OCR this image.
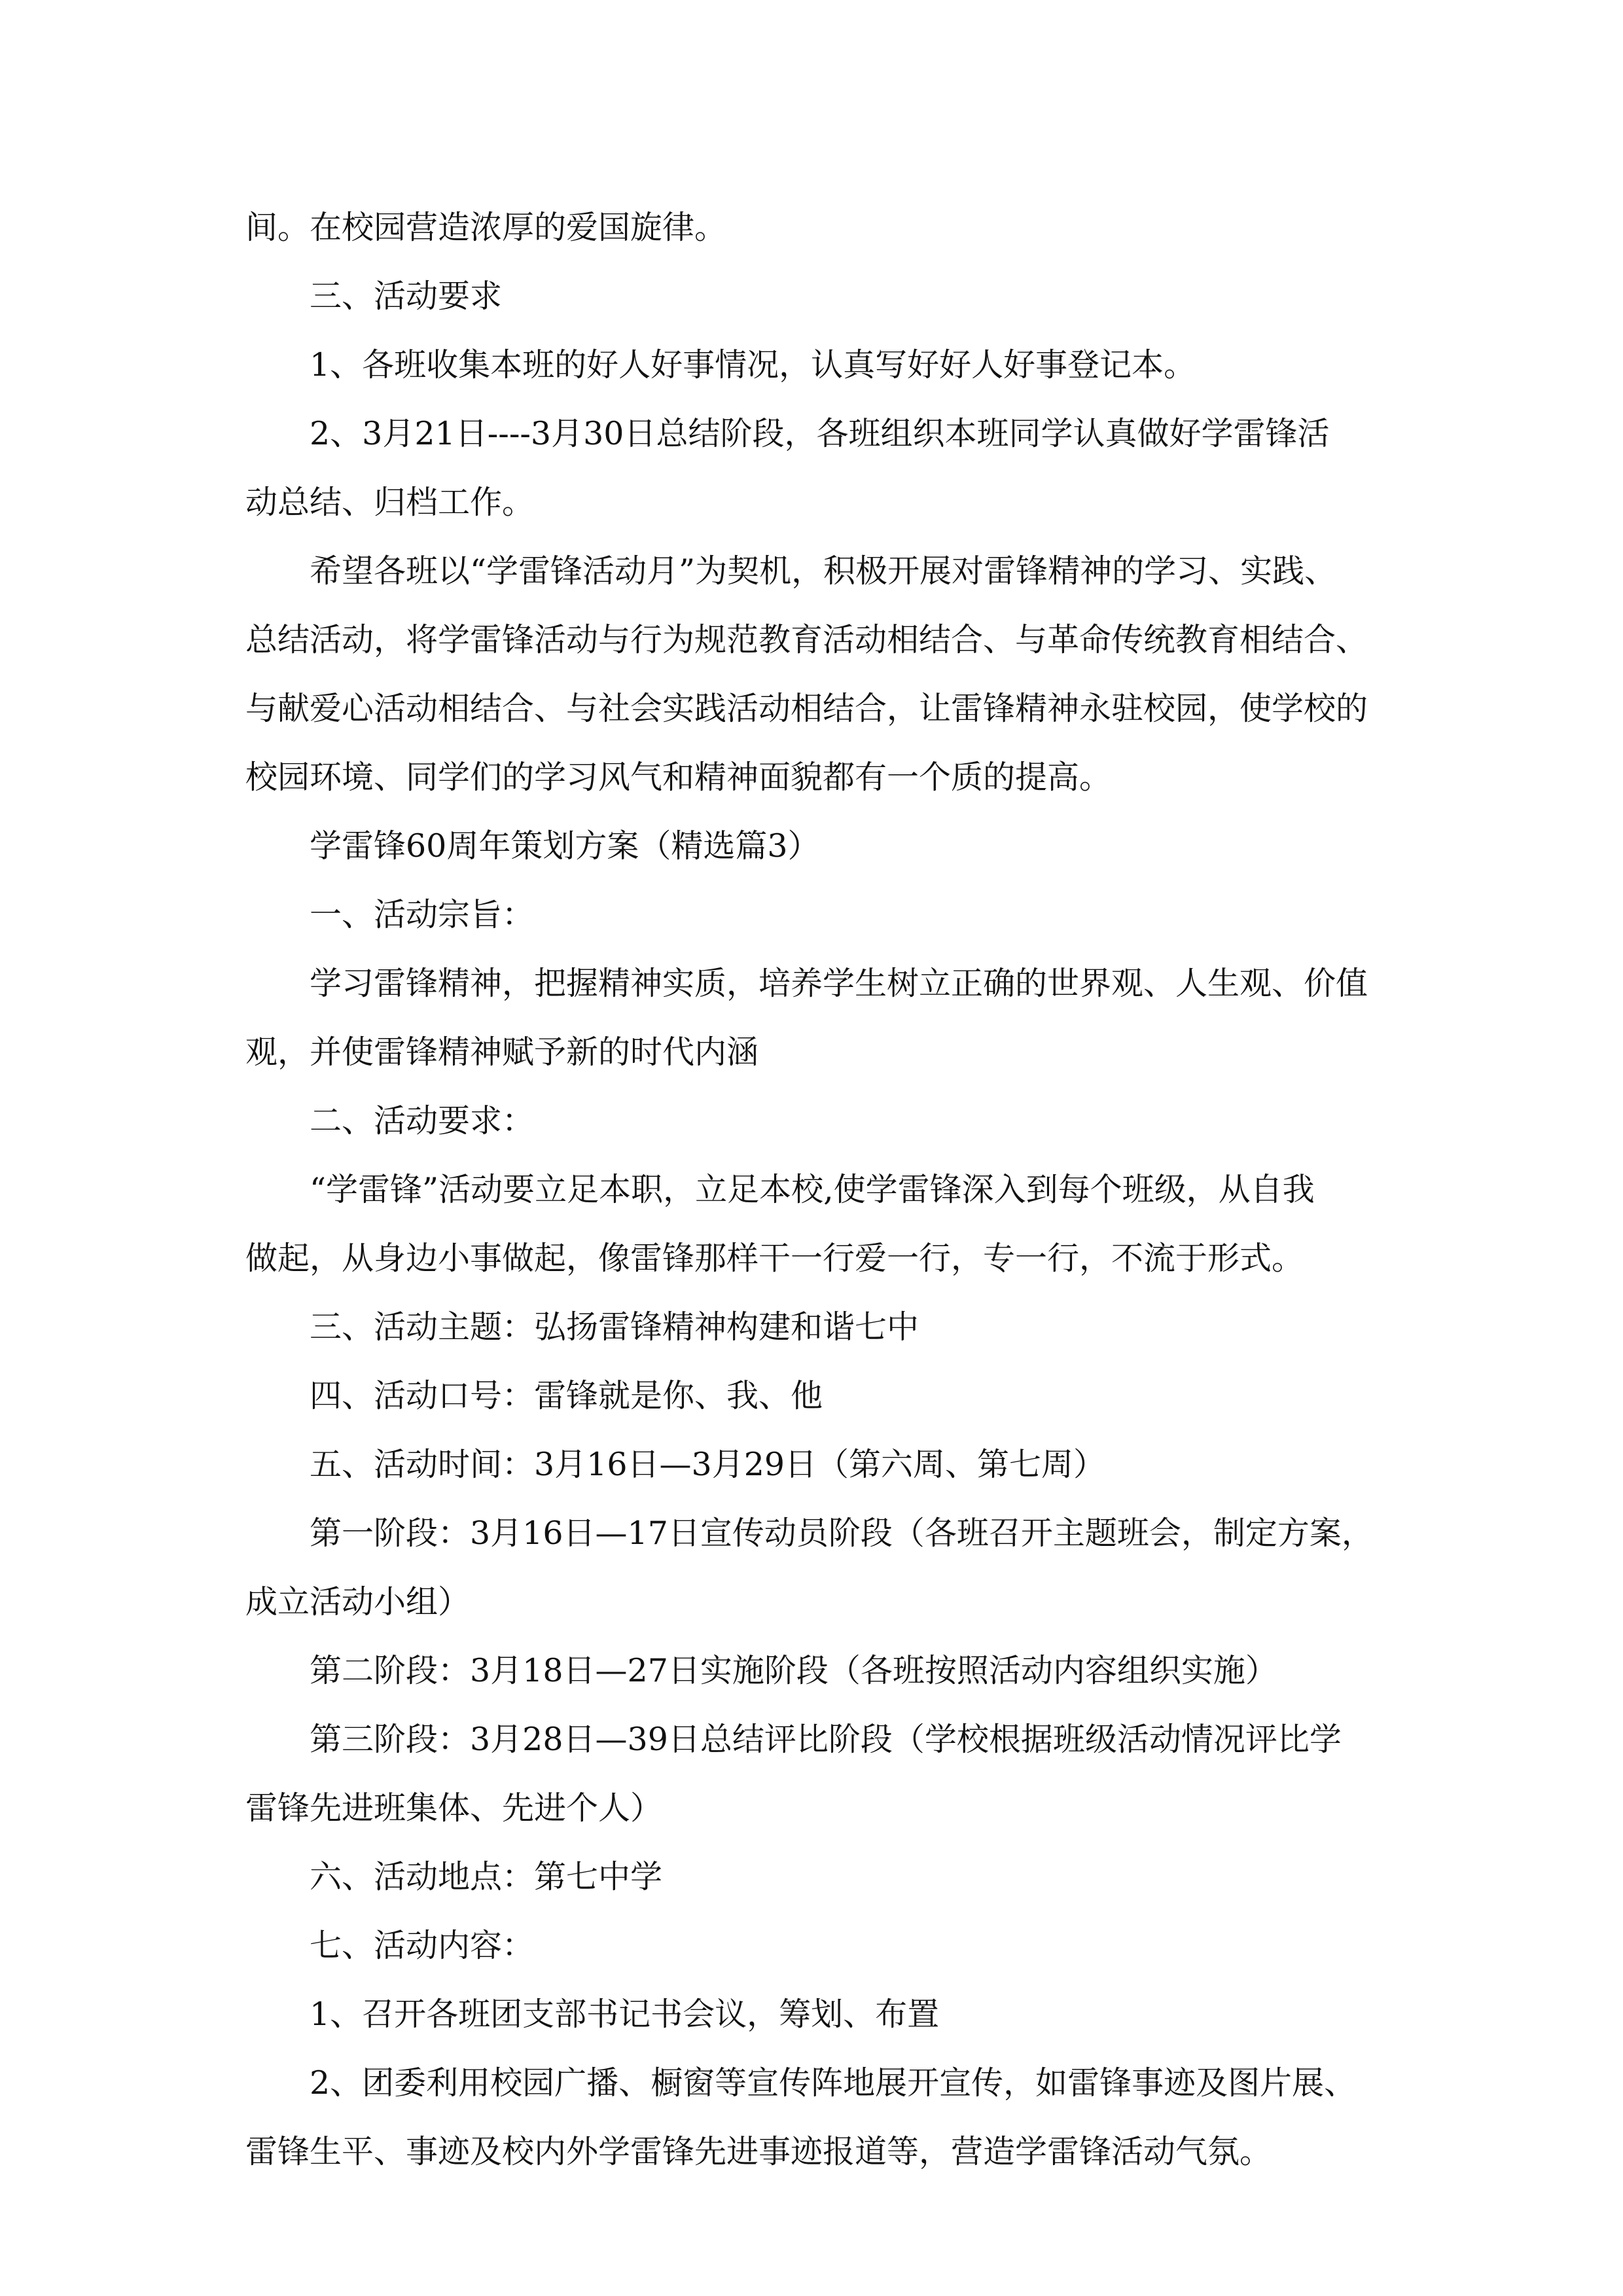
间。在校园营造浓厚的爱国旋律。
三、活动要求
1、各班收集本班的好人好事情况，认真写好好人好事登记本。
2、3月21日----3月30日总结阶段，各班组织本班同学认真做好学雷锋活
动总结、归档工作。
希望各班以“学雷锋活动月”为契机，积极开展对雷锋精神的学习、实践、
总结活动，将学雷锋活动与行为规范教育活动相结合、与革命传统教育相结合、
与献爱心活动相结合、与社会实践活动相结合，让雷锋精神永驻校园，使学校的
校园环境、同学们的学习风气和精神面貌都有一个质的提高。
学雷锋60周年策划方案（精选篇3）
一、活动宗旨：
学习雷锋精神，把握精神实质，培养学生树立正确的世界观、人生观、价值
观，并使雷锋精神赋予新的时代内涵
二、活动要求：
“学雷锋”活动要立足本职，立足本校,使学雷锋深入到每个班级，从自我
做起，从身边小事做起，像雷锋那样干一行爱一行，专一行，不流于形式。
三、活动主题：弘扬雷锋精神构建和谐七中
四、活动口号：雷锋就是你、我、他
五、活动时间：3月16日—3月29日（第六周、第七周）
第一阶段：3月16日—17日宣传动员阶段（各班召开主题班会，制定方案，
成立活动小组）
第二阶段：3月18日—27日实施阶段（各班按照活动内容组织实施）
第三阶段：3月28日—39日总结评比阶段（学校根据班级活动情况评比学
雷锋先进班集体、先进个人）
六、活动地点：第七中学
七、活动内容：
1、召开各班团支部书记书会议，筹划、布置
2、团委利用校园广播、橱窗等宣传阵地展开宣传，如雷锋事迹及图片展、
雷锋生平、事迹及校内外学雷锋先进事迹报道等，营造学雷锋活动气氛。
